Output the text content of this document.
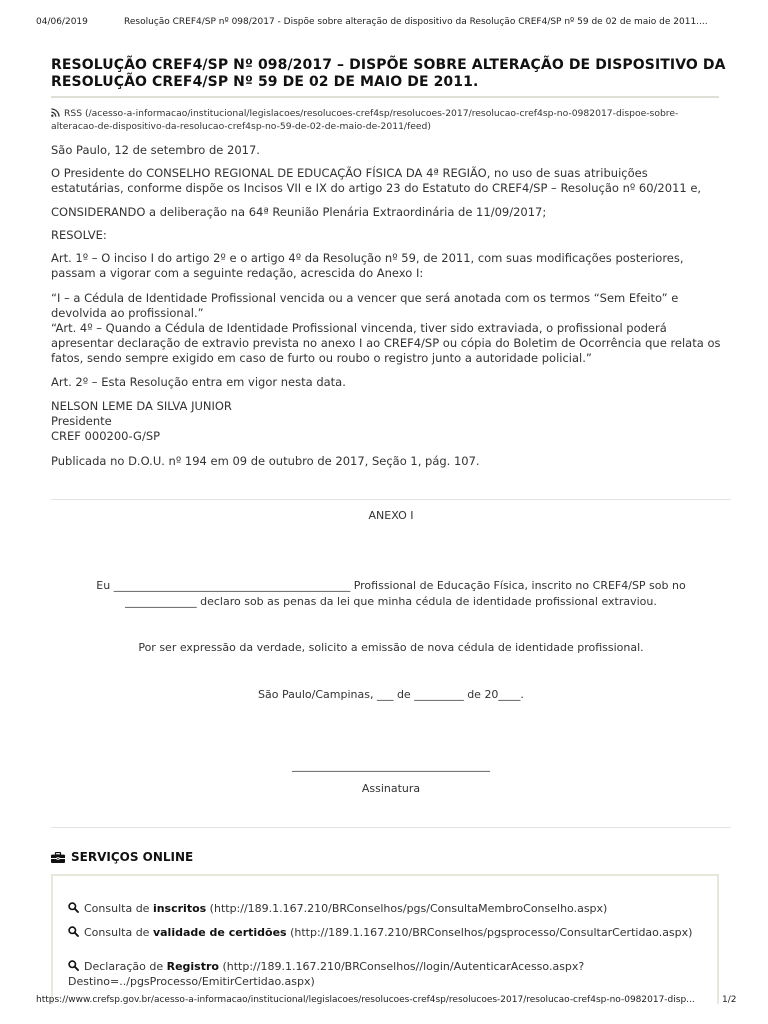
04/06/2019	Resolução CREF4/SP nº 098/2017 - Dispõe sobre alteração de dispositivo da Resolução CREF4/SP nº 59 de 02 de maio de 2011....
RESOLUÇÃO CREF4/SP Nº 098/2017 – DISPÕE SOBRE ALTERAÇÃO DE DISPOSITIVO DA RESOLUÇÃO CREF4/SP Nº 59 DE 02 DE MAIO DE 2011.
RSS (/acesso-a-informacao/institucional/legislacoes/resolucoes-cref4sp/resolucoes-2017/resolucao-cref4sp-no-0982017-dispoe-sobre-alteracao-de-dispositivo-da-resolucao-cref4sp-no-59-de-02-de-maio-de-2011/feed)

São Paulo, 12 de setembro de 2017.

O Presidente do CONSELHO REGIONAL DE EDUCAÇÃO FÍSICA DA 4ª REGIÃO, no uso de suas atribuições estatutárias, conforme dispõe os Incisos VII e IX do artigo 23 do Estatuto do CREF4/SP – Resolução nº 60/2011 e,

CONSIDERANDO a deliberação na 64ª Reunião Plenária Extraordinária de 11/09/2017;

RESOLVE:

Art. 1º – O inciso I do artigo 2º e o artigo 4º da Resolução nº 59, de 2011, com suas modificações posteriores, passam a vigorar com a seguinte redação, acrescida do Anexo I:

“I – a Cédula de Identidade Profissional vencida ou a vencer que será anotada com os termos “Sem Efeito” e devolvida ao profissional.”

“Art. 4º – Quando a Cédula de Identidade Profissional vincenda, tiver sido extraviada, o profissional poderá apresentar declaração de extravio prevista no anexo I ao CREF4/SP ou cópia do Boletim de Ocorrência que relata os fatos, sendo sempre exigido em caso de furto ou roubo o registro junto a autoridade policial.”

Art. 2º – Esta Resolução entra em vigor nesta data.

NELSON LEME DA SILVA JUNIOR

Presidente

CREF 000200-G/SP

Publicada no D.O.U. nº 194 em 09 de outubro de 2017, Seção 1, pág. 107.

ANEXO I

Eu ___________________________________________ Profissional de Educação Física, inscrito no CREF4/SP sob no

_____________ declaro sob as penas da lei que minha cédula de identidade profissional extraviou.

Por ser expressão da verdade, solicito a emissão de nova cédula de identidade profissional.

São Paulo/Campinas, ___ de _________ de 20____.

____________________________________

Assinatura

SERVIÇOS ONLINE
Consulta de inscritos (http://189.1.167.210/BRConselhos/pgs/ConsultaMembroConselho.aspx)
Consulta de validade de certidões (http://189.1.167.210/BRConselhos/pgsprocesso/ConsultarCertidao.aspx)
Declaração de Registro (http://189.1.167.210/BRConselhos//login/AutenticarAcesso.aspx?Destino=../pgsProcesso/EmitirCertidao.aspx)
https://www.crefsp.gov.br/acesso-a-informacao/institucional/legislacoes/resolucoes-cref4sp/resolucoes-2017/resolucao-cref4sp-no-0982017-disp...	1/2
